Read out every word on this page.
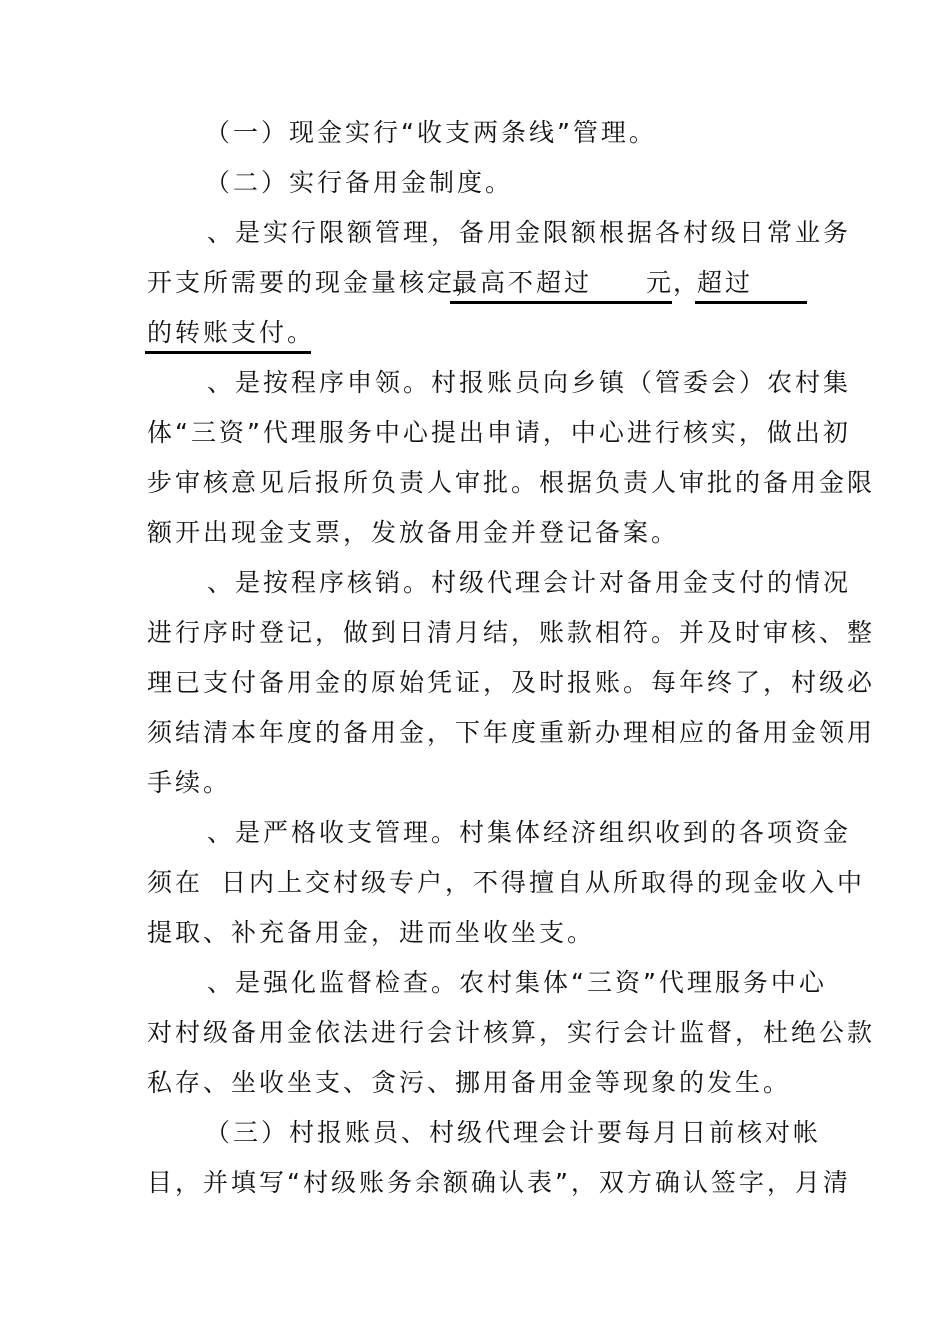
（一）现金实行“收支两条线”管理。
（二）实行备用金制度。
、是实行限额管理，备用金限额根据各村级日常业务
开支所需要的现金量核定，
最高不超过 元
，
超过
的转账支付。
、是按程序申领。村报账员向乡镇（管委会）农村集
体“三资”代理服务中心提出申请，中心进行核实，做出初
步审核意见后报所负责人审批。根据负责人审批的备用金限
额开出现金支票，发放备用金并登记备案。
、是按程序核销。村级代理会计对备用金支付的情况
进行序时登记，做到日清月结，账款相符。并及时审核、整
理已支付备用金的原始凭证，及时报账。每年终了，村级必
须结清本年度的备用金，下年度重新办理相应的备用金领用
手续。
、是严格收支管理。村集体经济组织收到的各项资金
须在 日内上交村级专户，不得擅自从所取得的现金收入中
提取、补充备用金，进而坐收坐支。
、是强化监督检查。农村集体“三资”代理服务中心
对村级备用金依法进行会计核算，实行会计监督，杜绝公款
私存、坐收坐支、贪污、挪用备用金等现象的发生。
（三）村报账员、村级代理会计要每月 日前核对帐
目，并填写“村级账务余额确认表”，双方确认签字，月清
